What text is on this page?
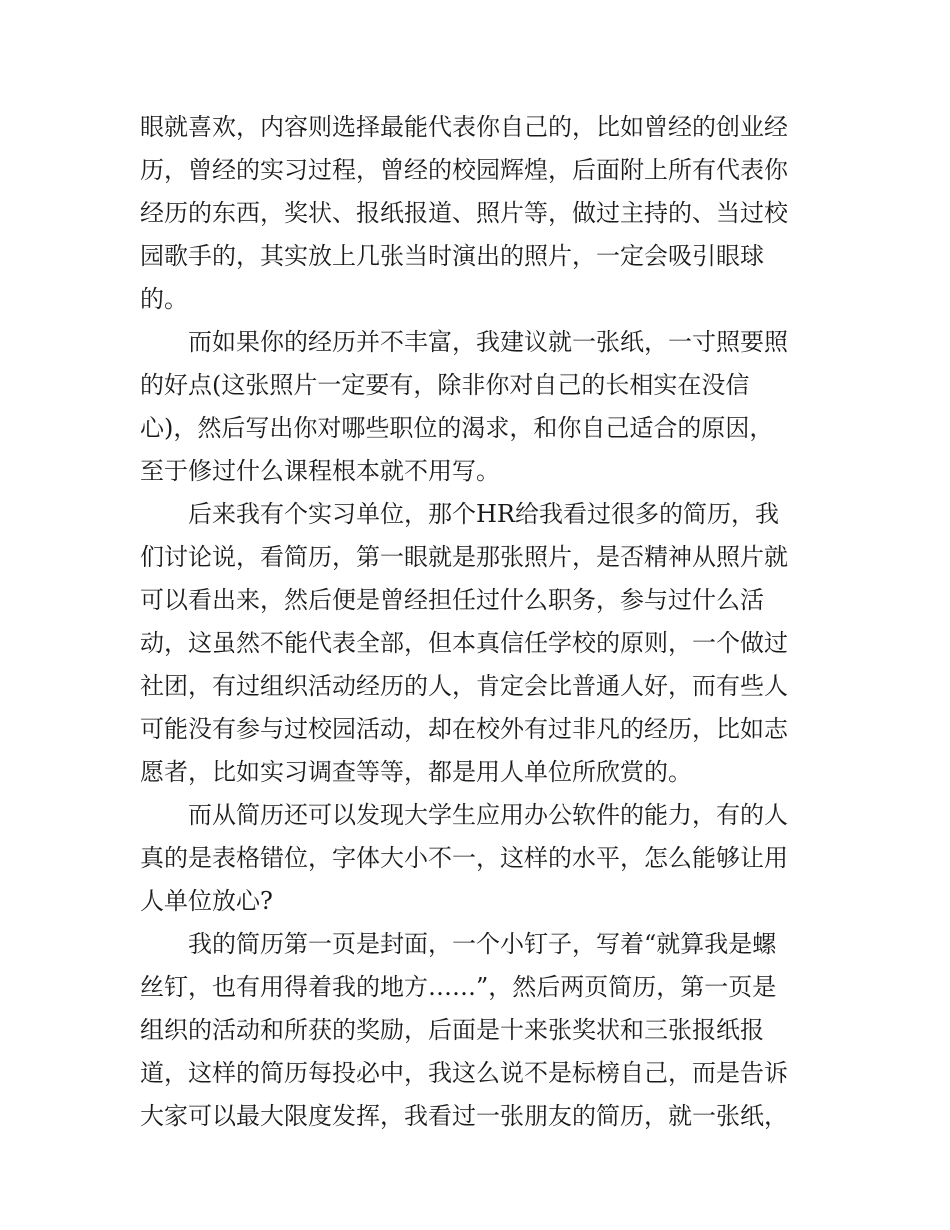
眼就喜欢，内容则选择最能代表你自己的，比如曾经的创业经
历，曾经的实习过程，曾经的校园辉煌，后面附上所有代表你
经历的东西，奖状、报纸报道、照片等，做过主持的、当过校
园歌手的，其实放上几张当时演出的照片，一定会吸引眼球
的。
而如果你的经历并不丰富，我建议就一张纸，一寸照要照
的好点(这张照片一定要有，除非你对自己的长相实在没信
心)，然后写出你对哪些职位的渴求，和你自己适合的原因，
至于修过什么课程根本就不用写。
后来我有个实习单位，那个HR给我看过很多的简历，我
们讨论说，看简历，第一眼就是那张照片，是否精神从照片就
可以看出来，然后便是曾经担任过什么职务，参与过什么活
动，这虽然不能代表全部，但本真信任学校的原则，一个做过
社团，有过组织活动经历的人，肯定会比普通人好，而有些人
可能没有参与过校园活动，却在校外有过非凡的经历，比如志
愿者，比如实习调查等等，都是用人单位所欣赏的。
而从简历还可以发现大学生应用办公软件的能力，有的人
真的是表格错位，字体大小不一，这样的水平，怎么能够让用
人单位放心?
我的简历第一页是封面，一个小钉子，写着“就算我是螺
丝钉，也有用得着我的地方……”，然后两页简历，第一页是
组织的活动和所获的奖励，后面是十来张奖状和三张报纸报
道，这样的简历每投必中，我这么说不是标榜自己，而是告诉
大家可以最大限度发挥，我看过一张朋友的简历，就一张纸，
